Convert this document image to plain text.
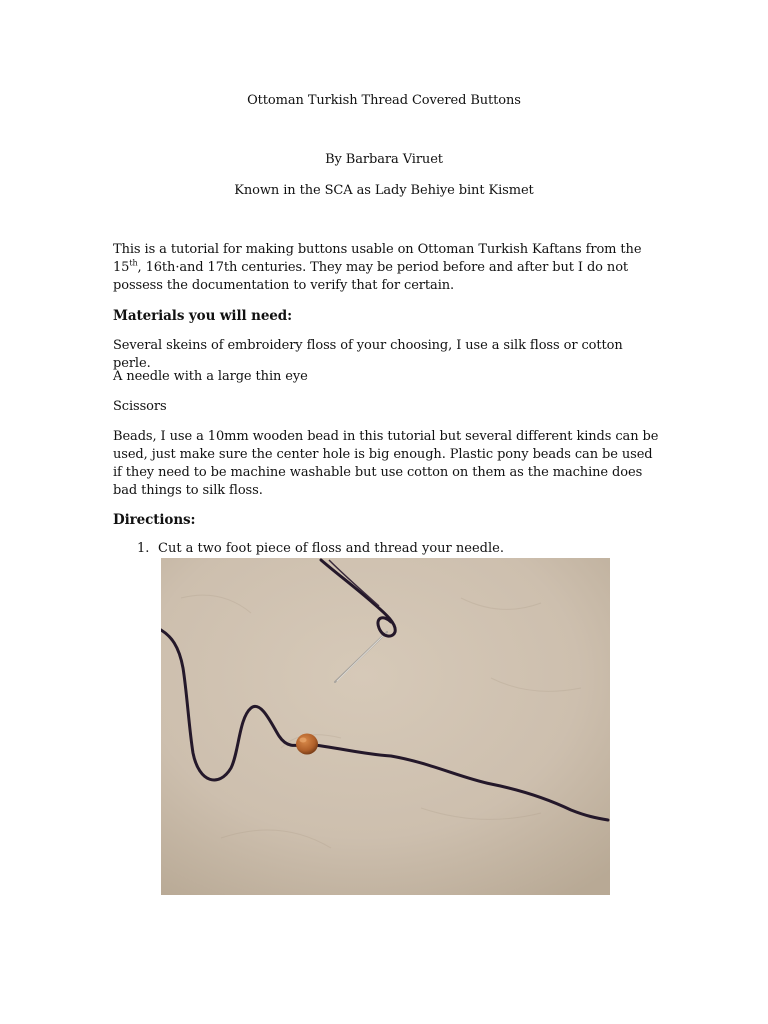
Ottoman Turkish Thread Covered Buttons
By Barbara Viruet
Known in the SCA as Lady Behiye bint Kismet
This is a tutorial for making buttons usable on Ottoman Turkish Kaftans from the 15th, 16th·and 17th centuries. They may be period before and after but I do not possess the documentation to verify that for certain.
Materials you will need:
Several skeins of embroidery floss of your choosing, I use a silk floss or cotton perle.
A needle with a large thin eye
Scissors
Beads, I use a 10mm wooden bead in this tutorial but several different kinds can be used, just make sure the center hole is big enough. Plastic pony beads can be used if they need to be machine washable but use cotton on them as the machine does bad things to silk floss.
Directions:
1. Cut a two foot piece of floss and thread your needle.
